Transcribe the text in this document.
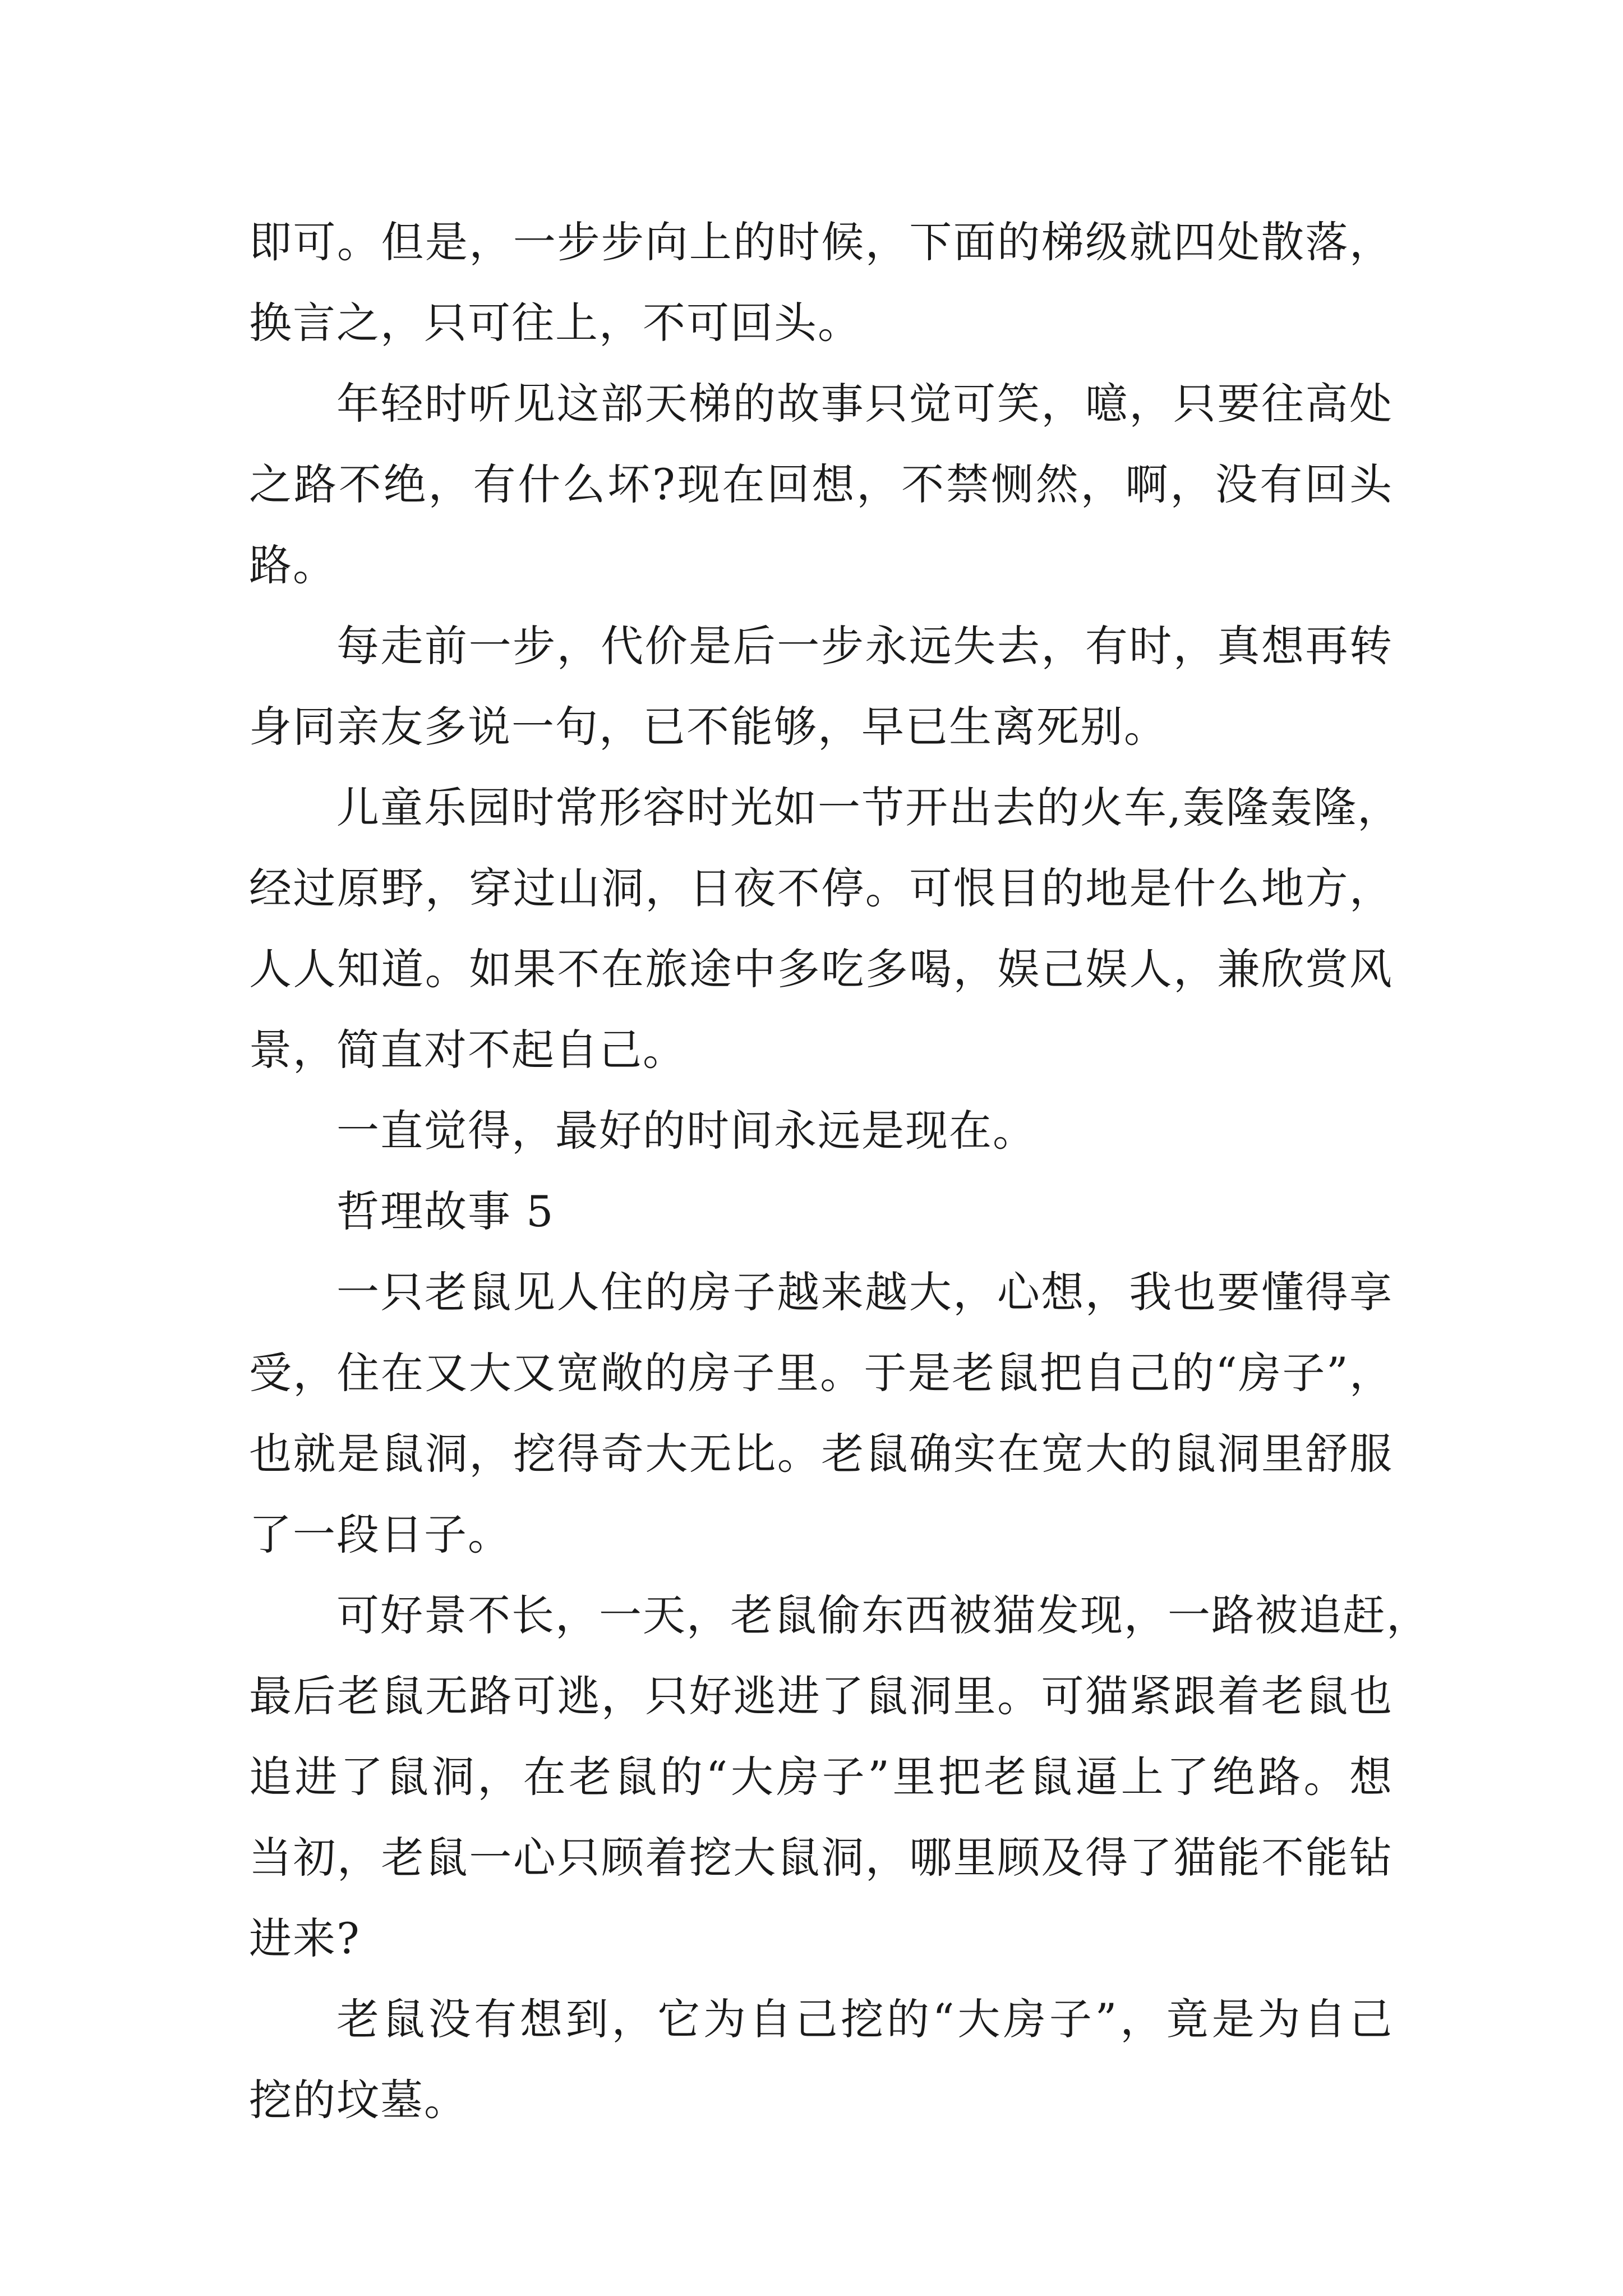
即可。但是，一步步向上的时候，下面的梯级就四处散落，
换言之，只可往上，不可回头。

年轻时听见这部天梯的故事只觉可笑，噫，只要往高处
之路不绝，有什么坏?现在回想，不禁恻然，啊，没有回头
路。

每走前一步，代价是后一步永远失去，有时，真想再转
身同亲友多说一句，已不能够，早已生离死别。

儿童乐园时常形容时光如一节开出去的火车,轰隆轰隆，
经过原野，穿过山洞，日夜不停。可恨目的地是什么地方，
人人知道。如果不在旅途中多吃多喝，娱己娱人，兼欣赏风
景，简直对不起自己。

一直觉得，最好的时间永远是现在。

哲理故事 5

一只老鼠见人住的房子越来越大，心想，我也要懂得享
受，住在又大又宽敞的房子里。于是老鼠把自己的“房子”，
也就是鼠洞，挖得奇大无比。老鼠确实在宽大的鼠洞里舒服
了一段日子。

可好景不长，一天，老鼠偷东西被猫发现，一路被追赶，
最后老鼠无路可逃，只好逃进了鼠洞里。可猫紧跟着老鼠也
追进了鼠洞，在老鼠的“大房子”里把老鼠逼上了绝路。想
当初，老鼠一心只顾着挖大鼠洞，哪里顾及得了猫能不能钻
进来?

老鼠没有想到，它为自己挖的“大房子”，竟是为自己
挖的坟墓。
